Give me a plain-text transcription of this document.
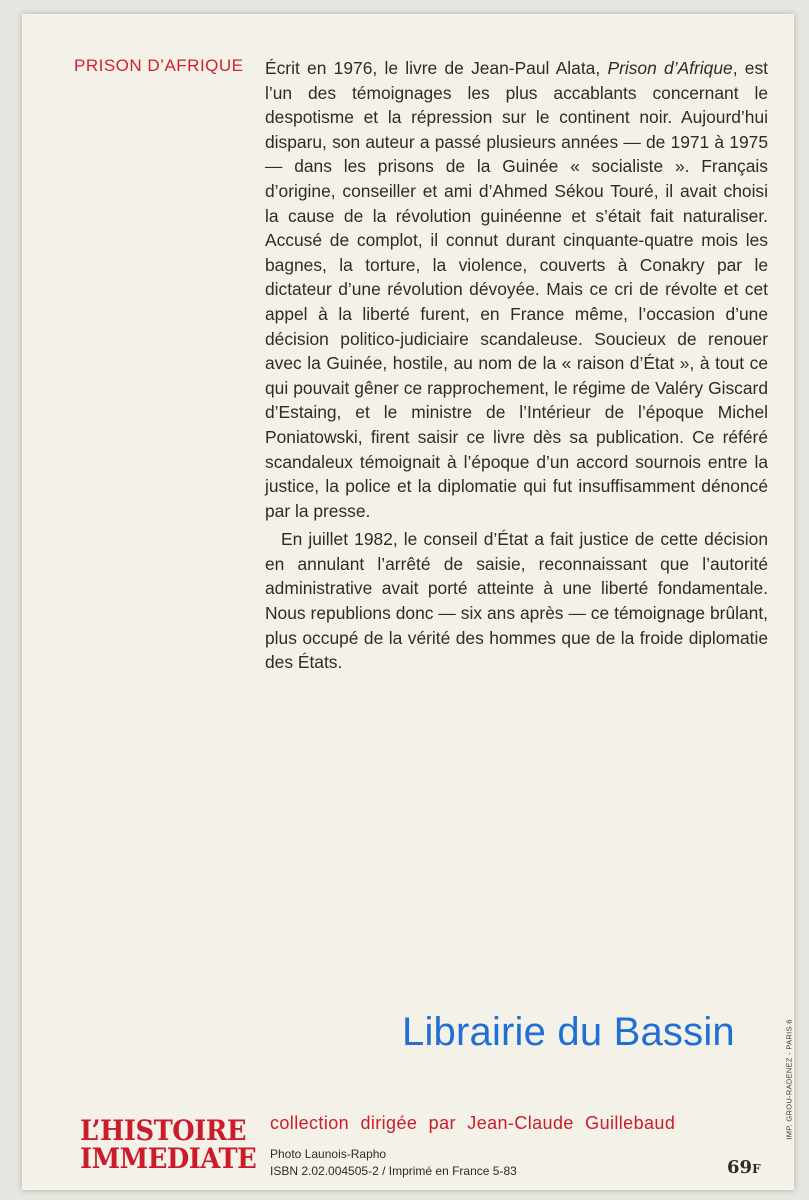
PRISON D’AFRIQUE Écrit en 1976, le livre de Jean-Paul Alata, Prison d’Afrique, est l’un des témoignages les plus accablants concernant le despotisme et la répression sur le continent noir. Aujourd’hui disparu, son auteur a passé plusieurs années — de 1971 à 1975 — dans les prisons de la Guinée « socialiste ». Français d’origine, conseiller et ami d’Ahmed Sékou Touré, il avait choisi la cause de la révolution guinéenne et s’était fait naturaliser. Accusé de complot, il connut durant cinquante-quatre mois les bagnes, la torture, la violence, couverts à Conakry par le dictateur d’une révolution dévoyée. Mais ce cri de révolte et cet appel à la liberté furent, en France même, l’occasion d’une décision politico-judiciaire scandaleuse. Soucieux de renouer avec la Guinée, hostile, au nom de la « raison d’État », à tout ce qui pouvait gêner ce rapprochement, le régime de Valéry Giscard d’Estaing, et le ministre de l’Intérieur de l’époque Michel Poniatowski, firent saisir ce livre dès sa publication. Ce référé scandaleux témoignait à l’époque d’un accord sournois entre la justice, la police et la diplomatie qui fut insuffisamment dénoncé par la presse.

En juillet 1982, le conseil d’État a fait justice de cette décision en annulant l’arrêté de saisie, reconnaissant que l’autorité administrative avait porté atteinte à une liberté fondamentale. Nous republions donc — six ans après — ce témoignage brûlant, plus occupé de la vérité des hommes que de la froide diplomatie des États.

Librairie du Bassin	IMP. GROU-RADENEZ - PARIS 6
L’HISTOIRE
IMMEDIATE
collection dirigée par Jean-Claude Guillebaud
Photo Launois-Rapho
ISBN 2.02.004505-2 / Imprimé en France 5-83	69F
